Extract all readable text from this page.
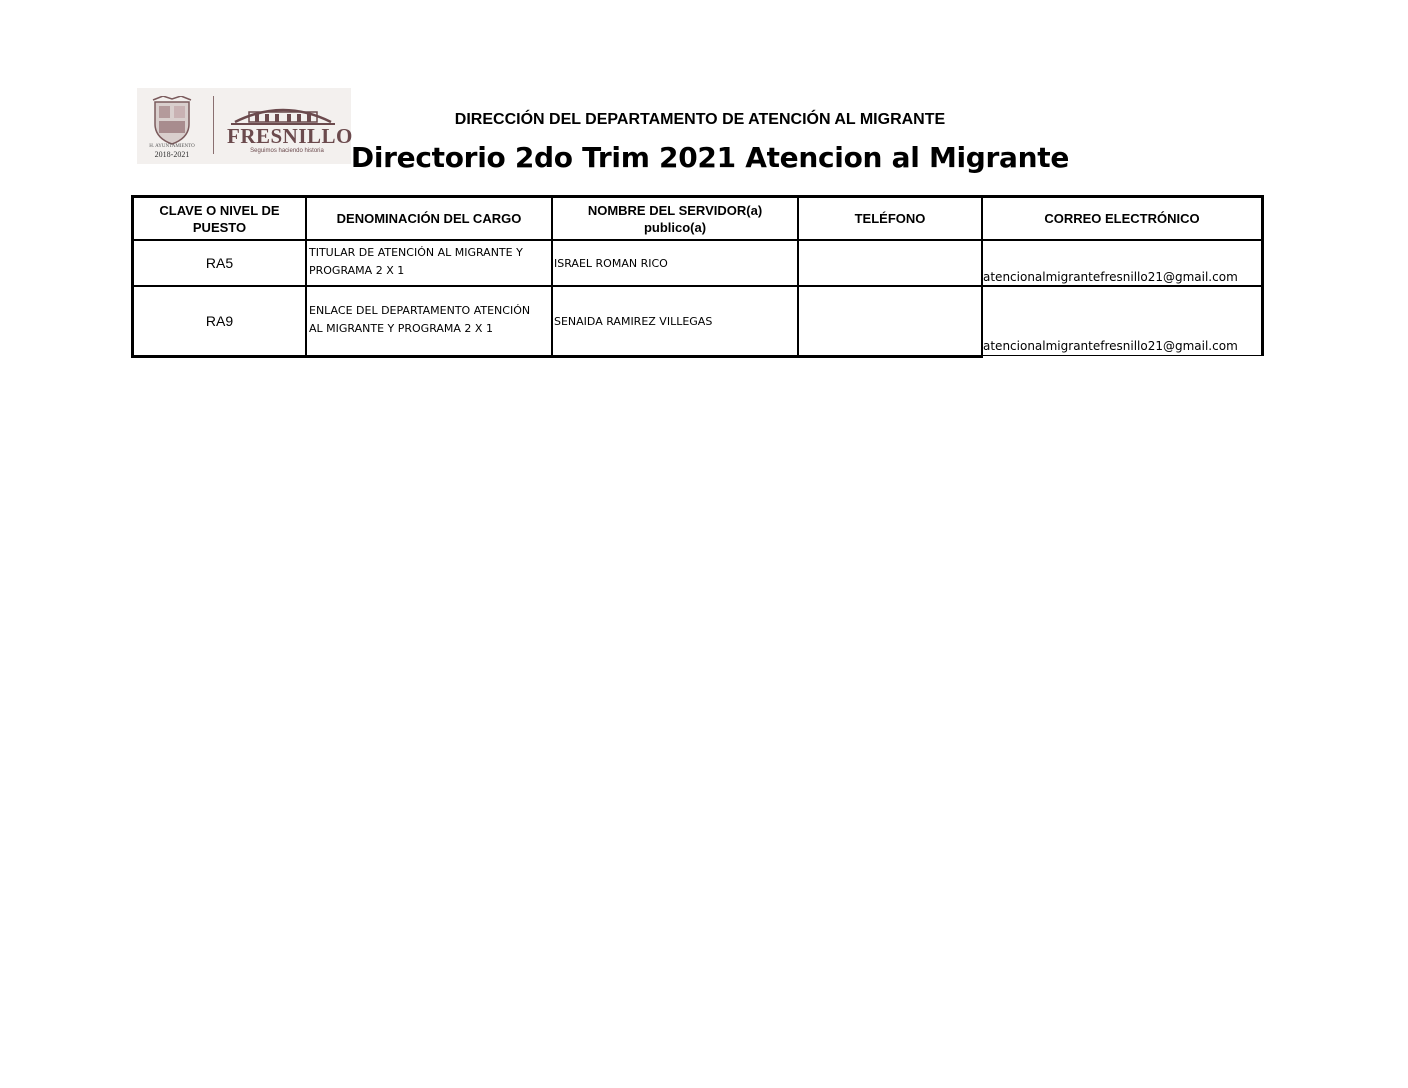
H. AYUNTAMIENTO
2018-2021
FRESNILLO
Seguimos haciendo historia
DIRECCIÓN DEL DEPARTAMENTO DE ATENCIÓN AL MIGRANTE
Directorio 2do Trim 2021 Atencion al Migrante
CLAVE O NIVEL DE
PUESTO
DENOMINACIÓN DEL CARGO
NOMBRE DEL SERVIDOR(a)
publico(a)
TELÉFONO	CORREO ELECTRÓNICO
RA5
TITULAR DE ATENCIÓN AL MIGRANTE Y
PROGRAMA 2 X 1
ISRAEL ROMAN RICO
atencionalmigrantefresnillo21@gmail.com
RA9
ENLACE DEL DEPARTAMENTO ATENCIÓN
AL MIGRANTE Y PROGRAMA 2 X 1
SENAIDA RAMIREZ VILLEGAS
atencionalmigrantefresnillo21@gmail.com
